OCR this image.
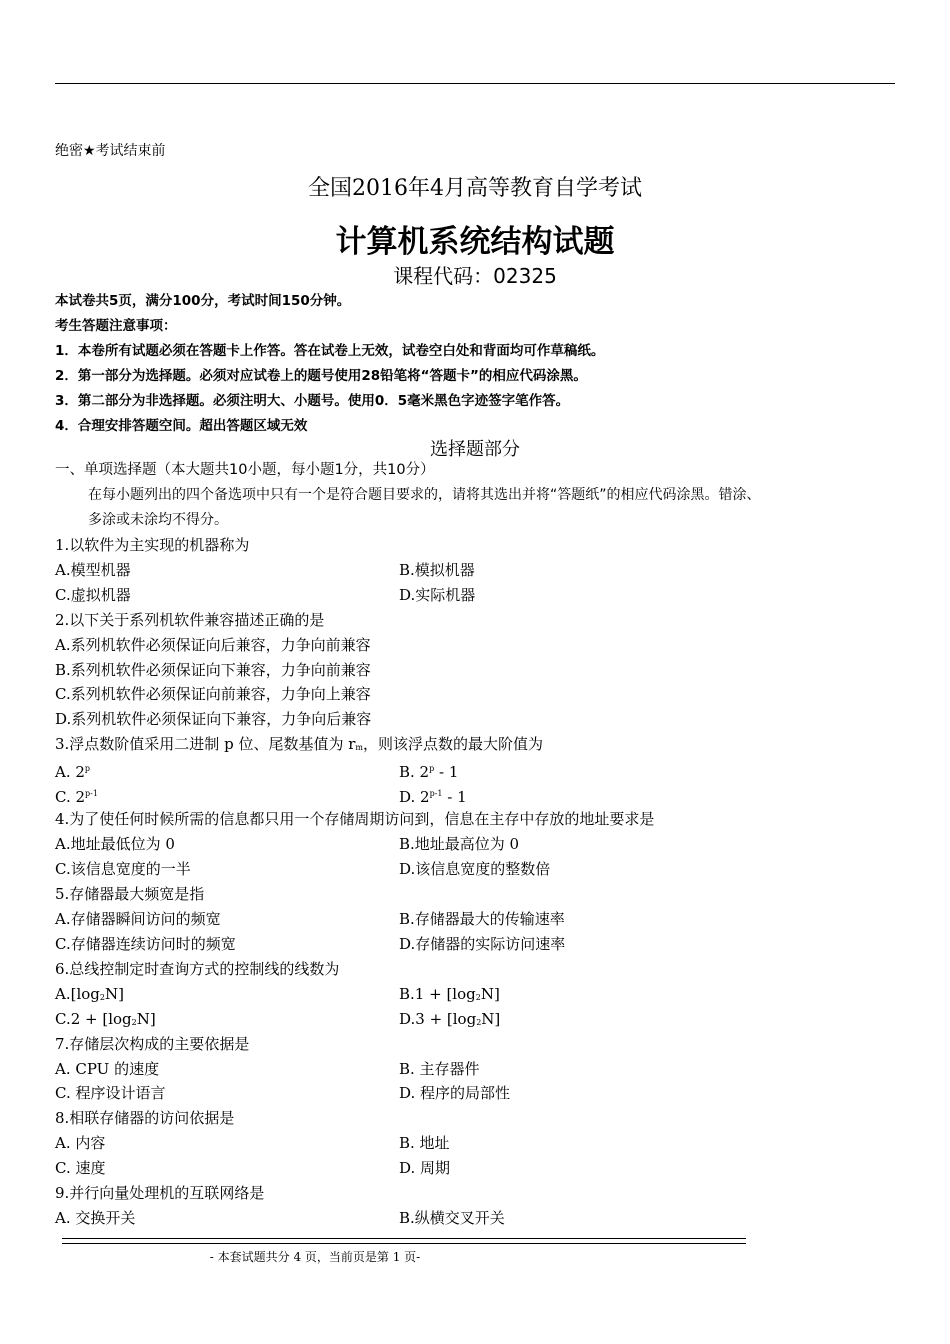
绝密★考试结束前
全国2016年4月高等教育自学考试
计算机系统结构试题
课程代码：02325
本试卷共5页，满分100分，考试时间150分钟。
考生答题注意事项：
1．本卷所有试题必须在答题卡上作答。答在试卷上无效，试卷空白处和背面均可作草稿纸。
2．第一部分为选择题。必须对应试卷上的题号使用28铅笔将“答题卡”的相应代码涂黑。
3．第二部分为非选择题。必须注明大、小题号。使用0．5毫米黑色字迹签字笔作答。
4．合理安排答题空间。超出答题区域无效
选择题部分
一、单项选择题（本大题共10小题，每小题1分，共10分）
在每小题列出的四个备选项中只有一个是符合题目要求的，请将其选出并将“答题纸”的相应代码涂黑。错涂、
多涂或未涂均不得分。
1.以软件为主实现的机器称为
A.模型机器	B.模拟机器
C.虚拟机器	D.实际机器
2.以下关于系列机软件兼容描述正确的是
A.系列机软件必须保证向后兼容，力争向前兼容
B.系列机软件必须保证向下兼容，力争向前兼容
C.系列机软件必须保证向前兼容，力争向上兼容
D.系列机软件必须保证向下兼容，力争向后兼容
3.浮点数阶值采用二进制 p 位、尾数基值为 $r_m$，则该浮点数的最大阶值为
A. 2$^p$	B. 2$^p$ - 1
C. 2$^{p-1}$	D. 2$^{p-1}$ - 1
4.为了使任何时候所需的信息都只用一个存储周期访问到，信息在主存中存放的地址要求是
A.地址最低位为 0	B.地址最高位为 0
C.该信息宽度的一半	D.该信息宽度的整数倍
5.存储器最大频宽是指
A.存储器瞬间访问的频宽	B.存储器最大的传输速率
C.存储器连续访问时的频宽	D.存储器的实际访问速率
6.总线控制定时查询方式的控制线的线数为
$A.[\log_2N]$	$B.1 + [\log_2N]$
$C.2 + [\log_2N]$	$D.3 + [\log_2N]$
7.存储层次构成的主要依据是
A. CPU 的速度	B. 主存器件
C. 程序设计语言	D. 程序的局部性
8.相联存储器的访问依据是
A. 内容	B. 地址
C. 速度	D. 周期
9.并行向量处理机的互联网络是
A. 交换开关	B.纵横交叉开关
- 本套试题共分 4 页，当前页是第 1 页-
